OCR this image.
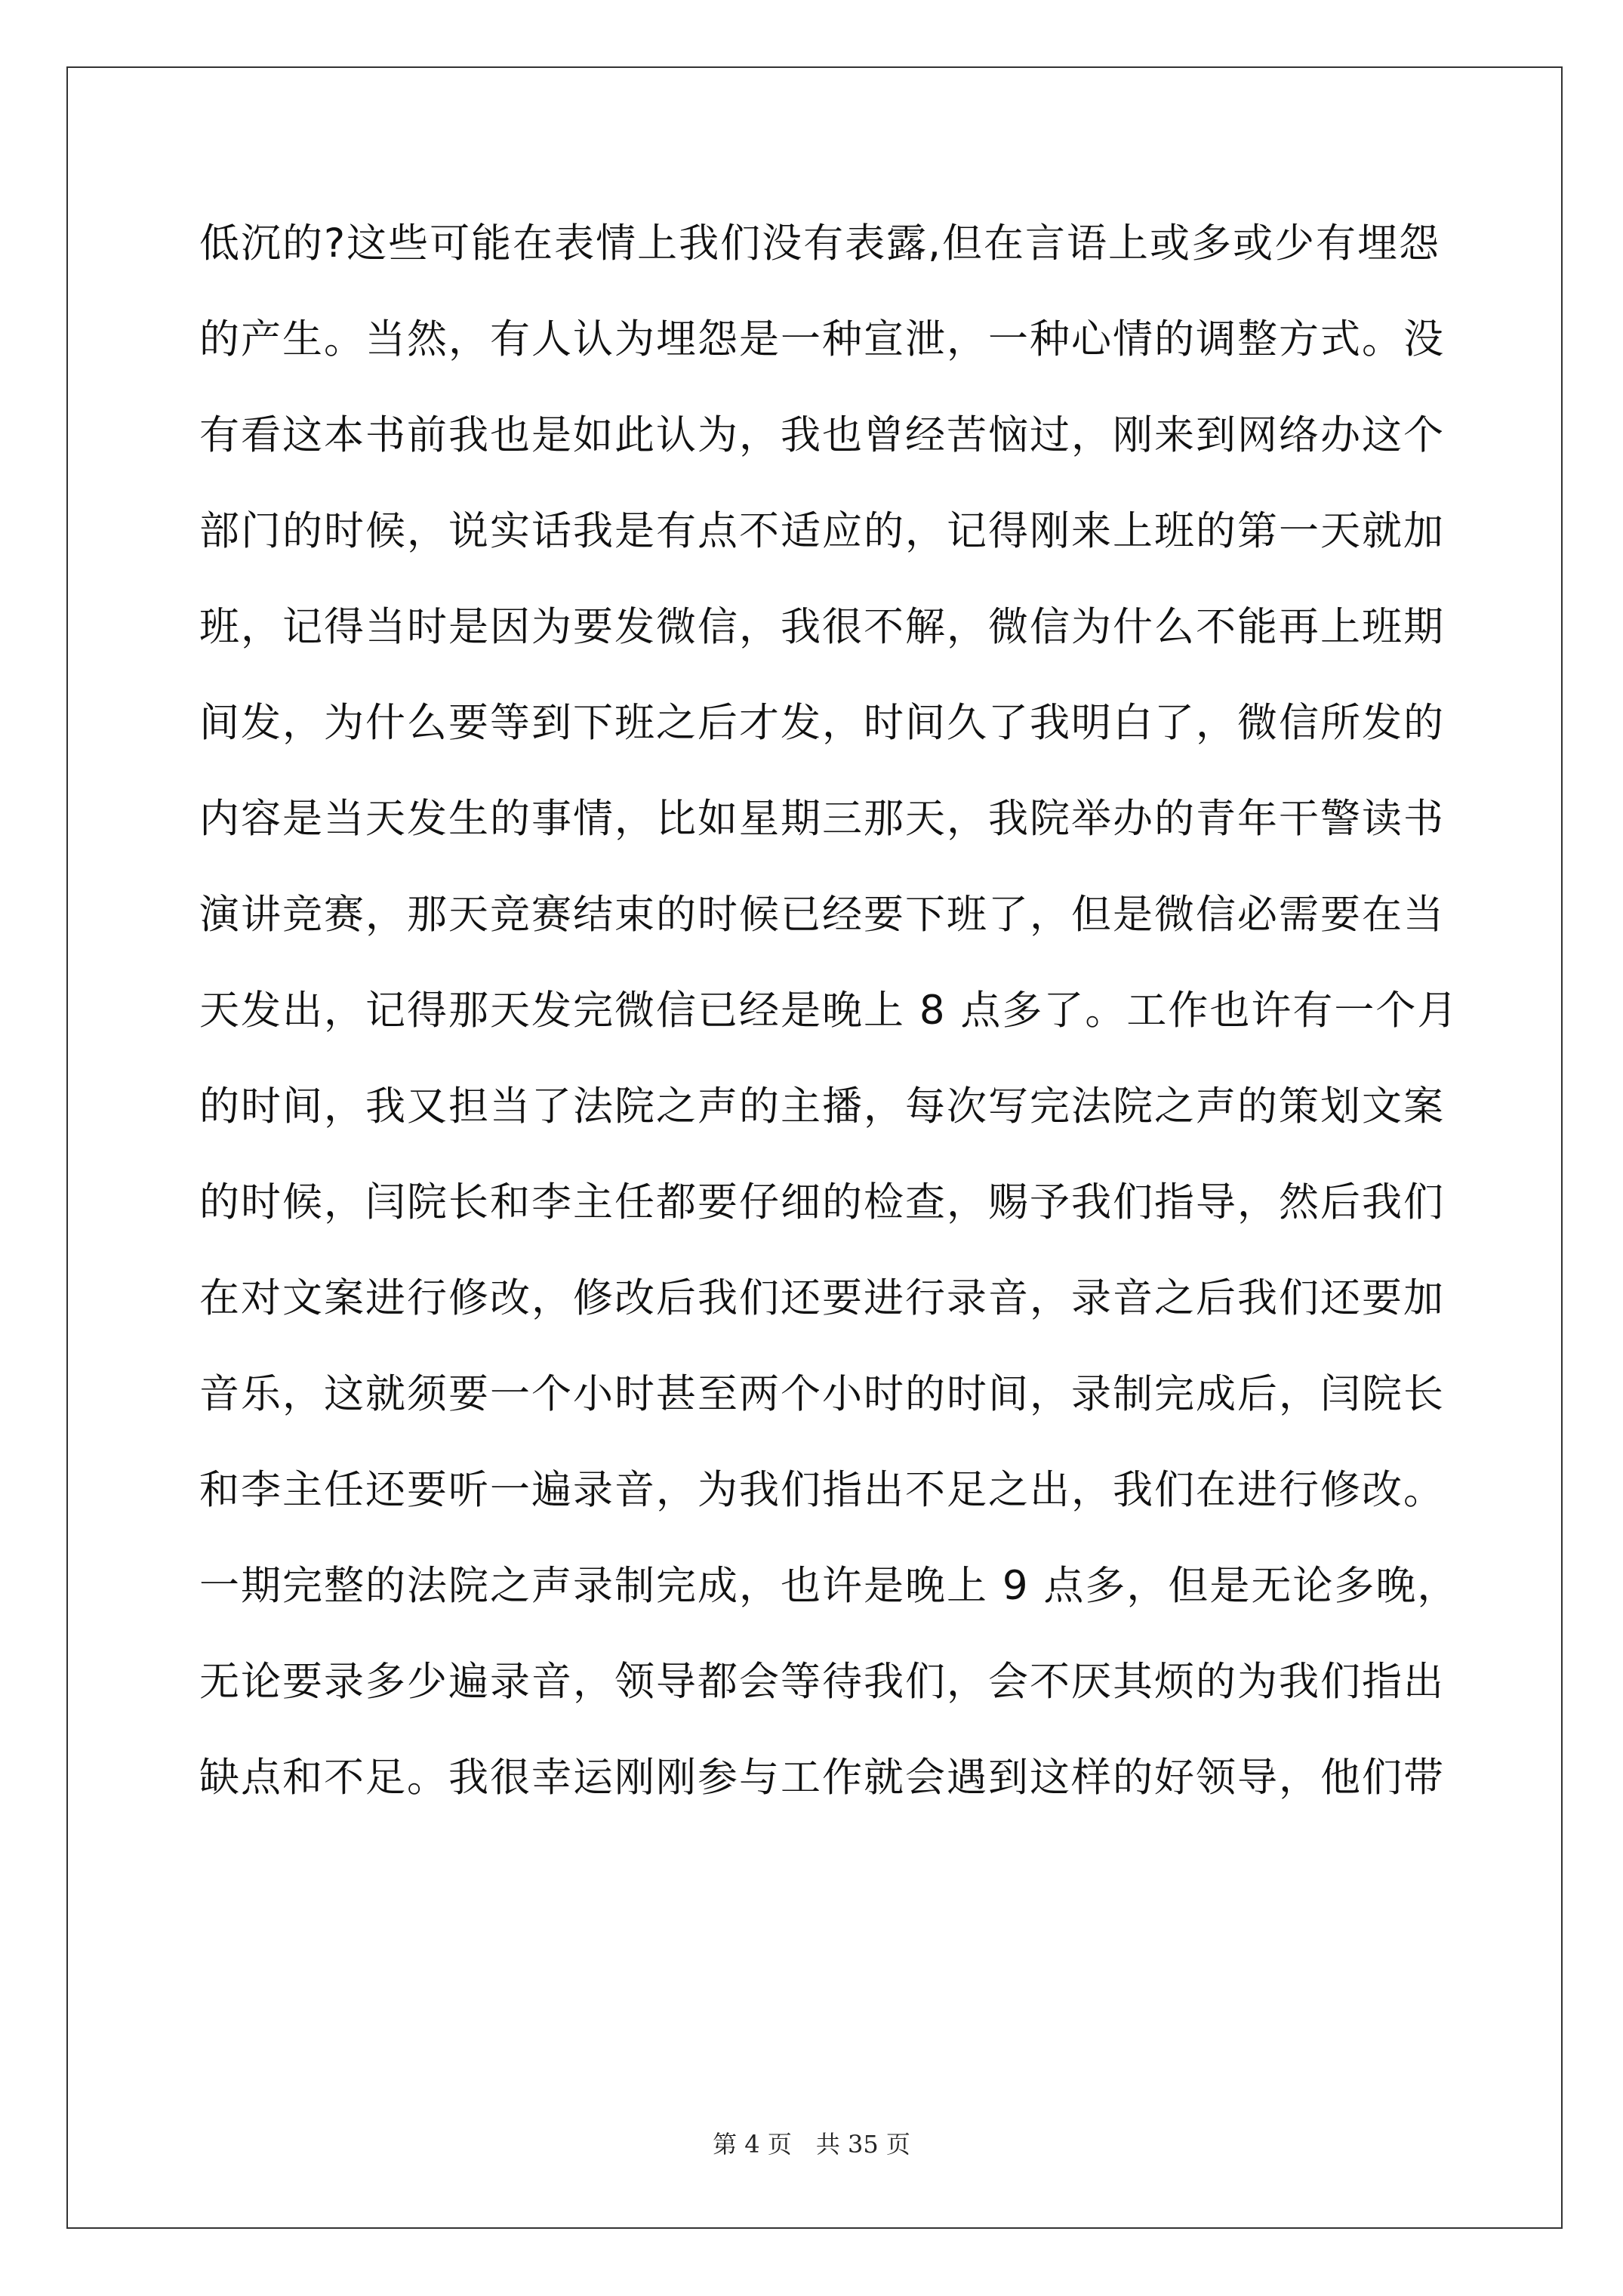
低沉的?这些可能在表情上我们没有表露,但在言语上或多或少有埋怨
的产生。当然，有人认为埋怨是一种宣泄，一种心情的调整方式。没
有看这本书前我也是如此认为，我也曾经苦恼过，刚来到网络办这个
部门的时候，说实话我是有点不适应的，记得刚来上班的第一天就加
班，记得当时是因为要发微信，我很不解，微信为什么不能再上班期
间发，为什么要等到下班之后才发，时间久了我明白了，微信所发的
内容是当天发生的事情，比如星期三那天，我院举办的青年干警读书
演讲竞赛，那天竞赛结束的时候已经要下班了，但是微信必需要在当
天发出，记得那天发完微信已经是晚上 8 点多了。工作也许有一个月
的时间，我又担当了法院之声的主播，每次写完法院之声的策划文案
的时候，闫院长和李主任都要仔细的检查，赐予我们指导，然后我们
在对文案进行修改，修改后我们还要进行录音，录音之后我们还要加
音乐，这就须要一个小时甚至两个小时的时间，录制完成后，闫院长
和李主任还要听一遍录音，为我们指出不足之出，我们在进行修改。
一期完整的法院之声录制完成，也许是晚上 9 点多，但是无论多晚，
无论要录多少遍录音，领导都会等待我们，会不厌其烦的为我们指出
缺点和不足。我很幸运刚刚参与工作就会遇到这样的好领导，他们带
第 4 页　共 35 页
